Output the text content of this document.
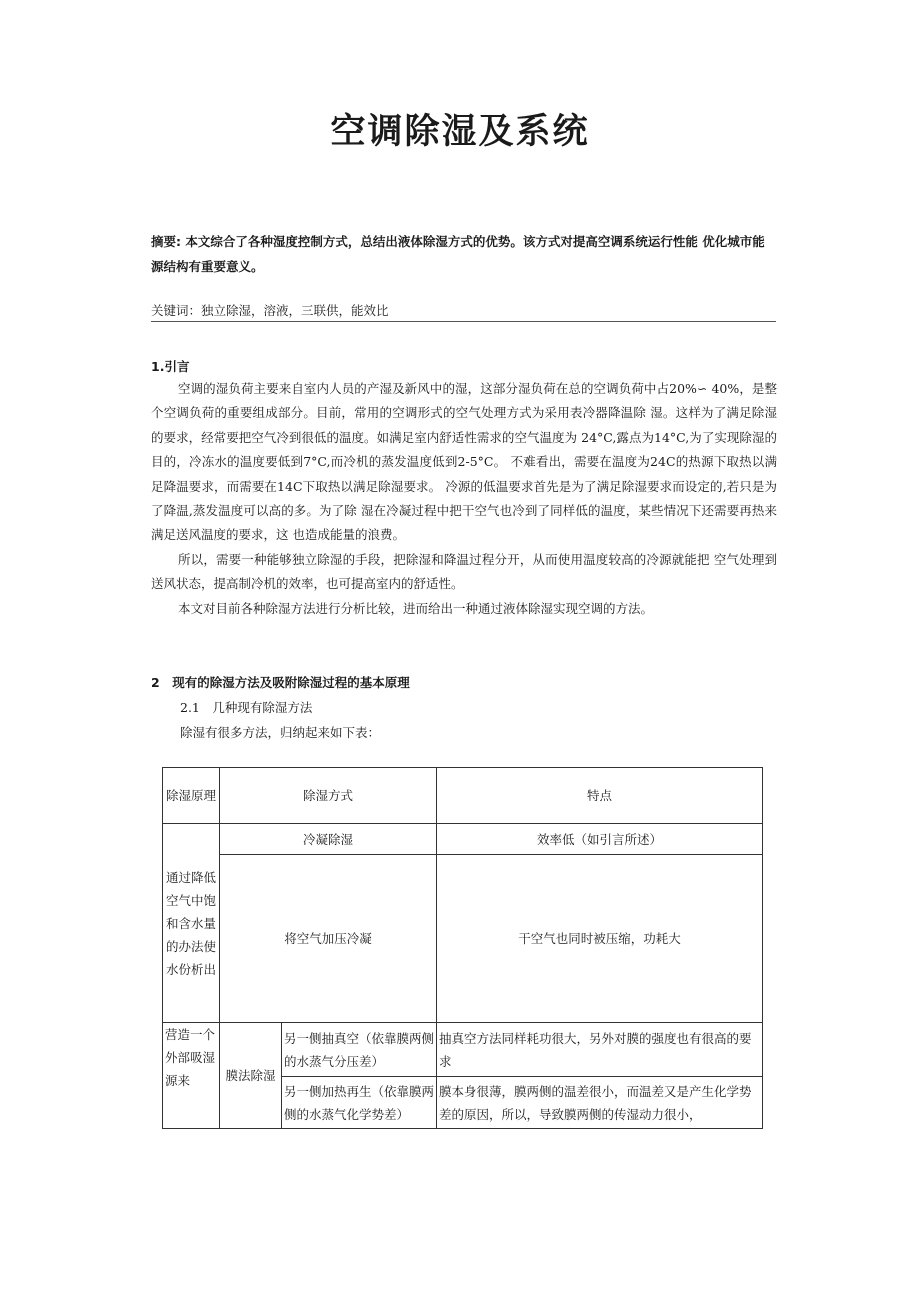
空调除湿及系统

摘要: 本文综合了各种湿度控制方式，总结出液体除湿方式的优势。该方式对提高空调系统运行性能 优化城市能源结构有重要意义。

关键词：独立除湿，溶液，三联供，能效比

1.引言

空调的湿负荷主要来自室内人员的产湿及新风中的湿，这部分湿负荷在总的空调负荷中占20%∽ 40%，是整个空调负荷的重要组成部分。目前，常用的空调形式的空气处理方式为采用表冷器降温除 湿。这样为了满足除湿的要求，经常要把空气冷到很低的温度。如满足室内舒适性需求的空气温度为 24°C,露点为14°C,为了实现除湿的目的，冷冻水的温度要低到7°C,而冷机的蒸发温度低到2-5°C。 不难看出，需要在温度为24C的热源下取热以满足降温要求，而需要在14C下取热以满足除湿要求。 冷源的低温要求首先是为了满足除湿要求而设定的,若只是为了降温,蒸发温度可以高的多。为了除 湿在冷凝过程中把干空气也冷到了同样低的温度，某些情况下还需要再热来满足送风温度的要求，这 也造成能量的浪费。

所以，需要一种能够独立除湿的手段，把除湿和降温过程分开，从而使用温度较高的冷源就能把 空气处理到送风状态，提高制冷机的效率，也可提高室内的舒适性。

本文对目前各种除湿方法进行分析比较，进而给出一种通过液体除湿实现空调的方法。

2　现有的除湿方法及吸附除湿过程的基本原理

2.1　几种现有除湿方法

除湿有很多方法，归纳起来如下表：

除湿原理	除湿方式		特点
通过降低空气中饱和含水量的办法使水份析出	冷凝除湿		效率低（如引言所述）
	将空气加压冷凝		干空气也同时被压缩，功耗大
营造一个外部吸湿源来	膜法除湿	另一侧抽真空（依靠膜两侧的水蒸气分压差）	抽真空方法同样耗功很大，另外对膜的强度也有很高的要求
		另一侧加热再生（依靠膜两侧的水蒸气化学势差）	膜本身很薄，膜两侧的温差很小，而温差又是产生化学势差的原因，所以，导致膜两侧的传湿动力很小，
